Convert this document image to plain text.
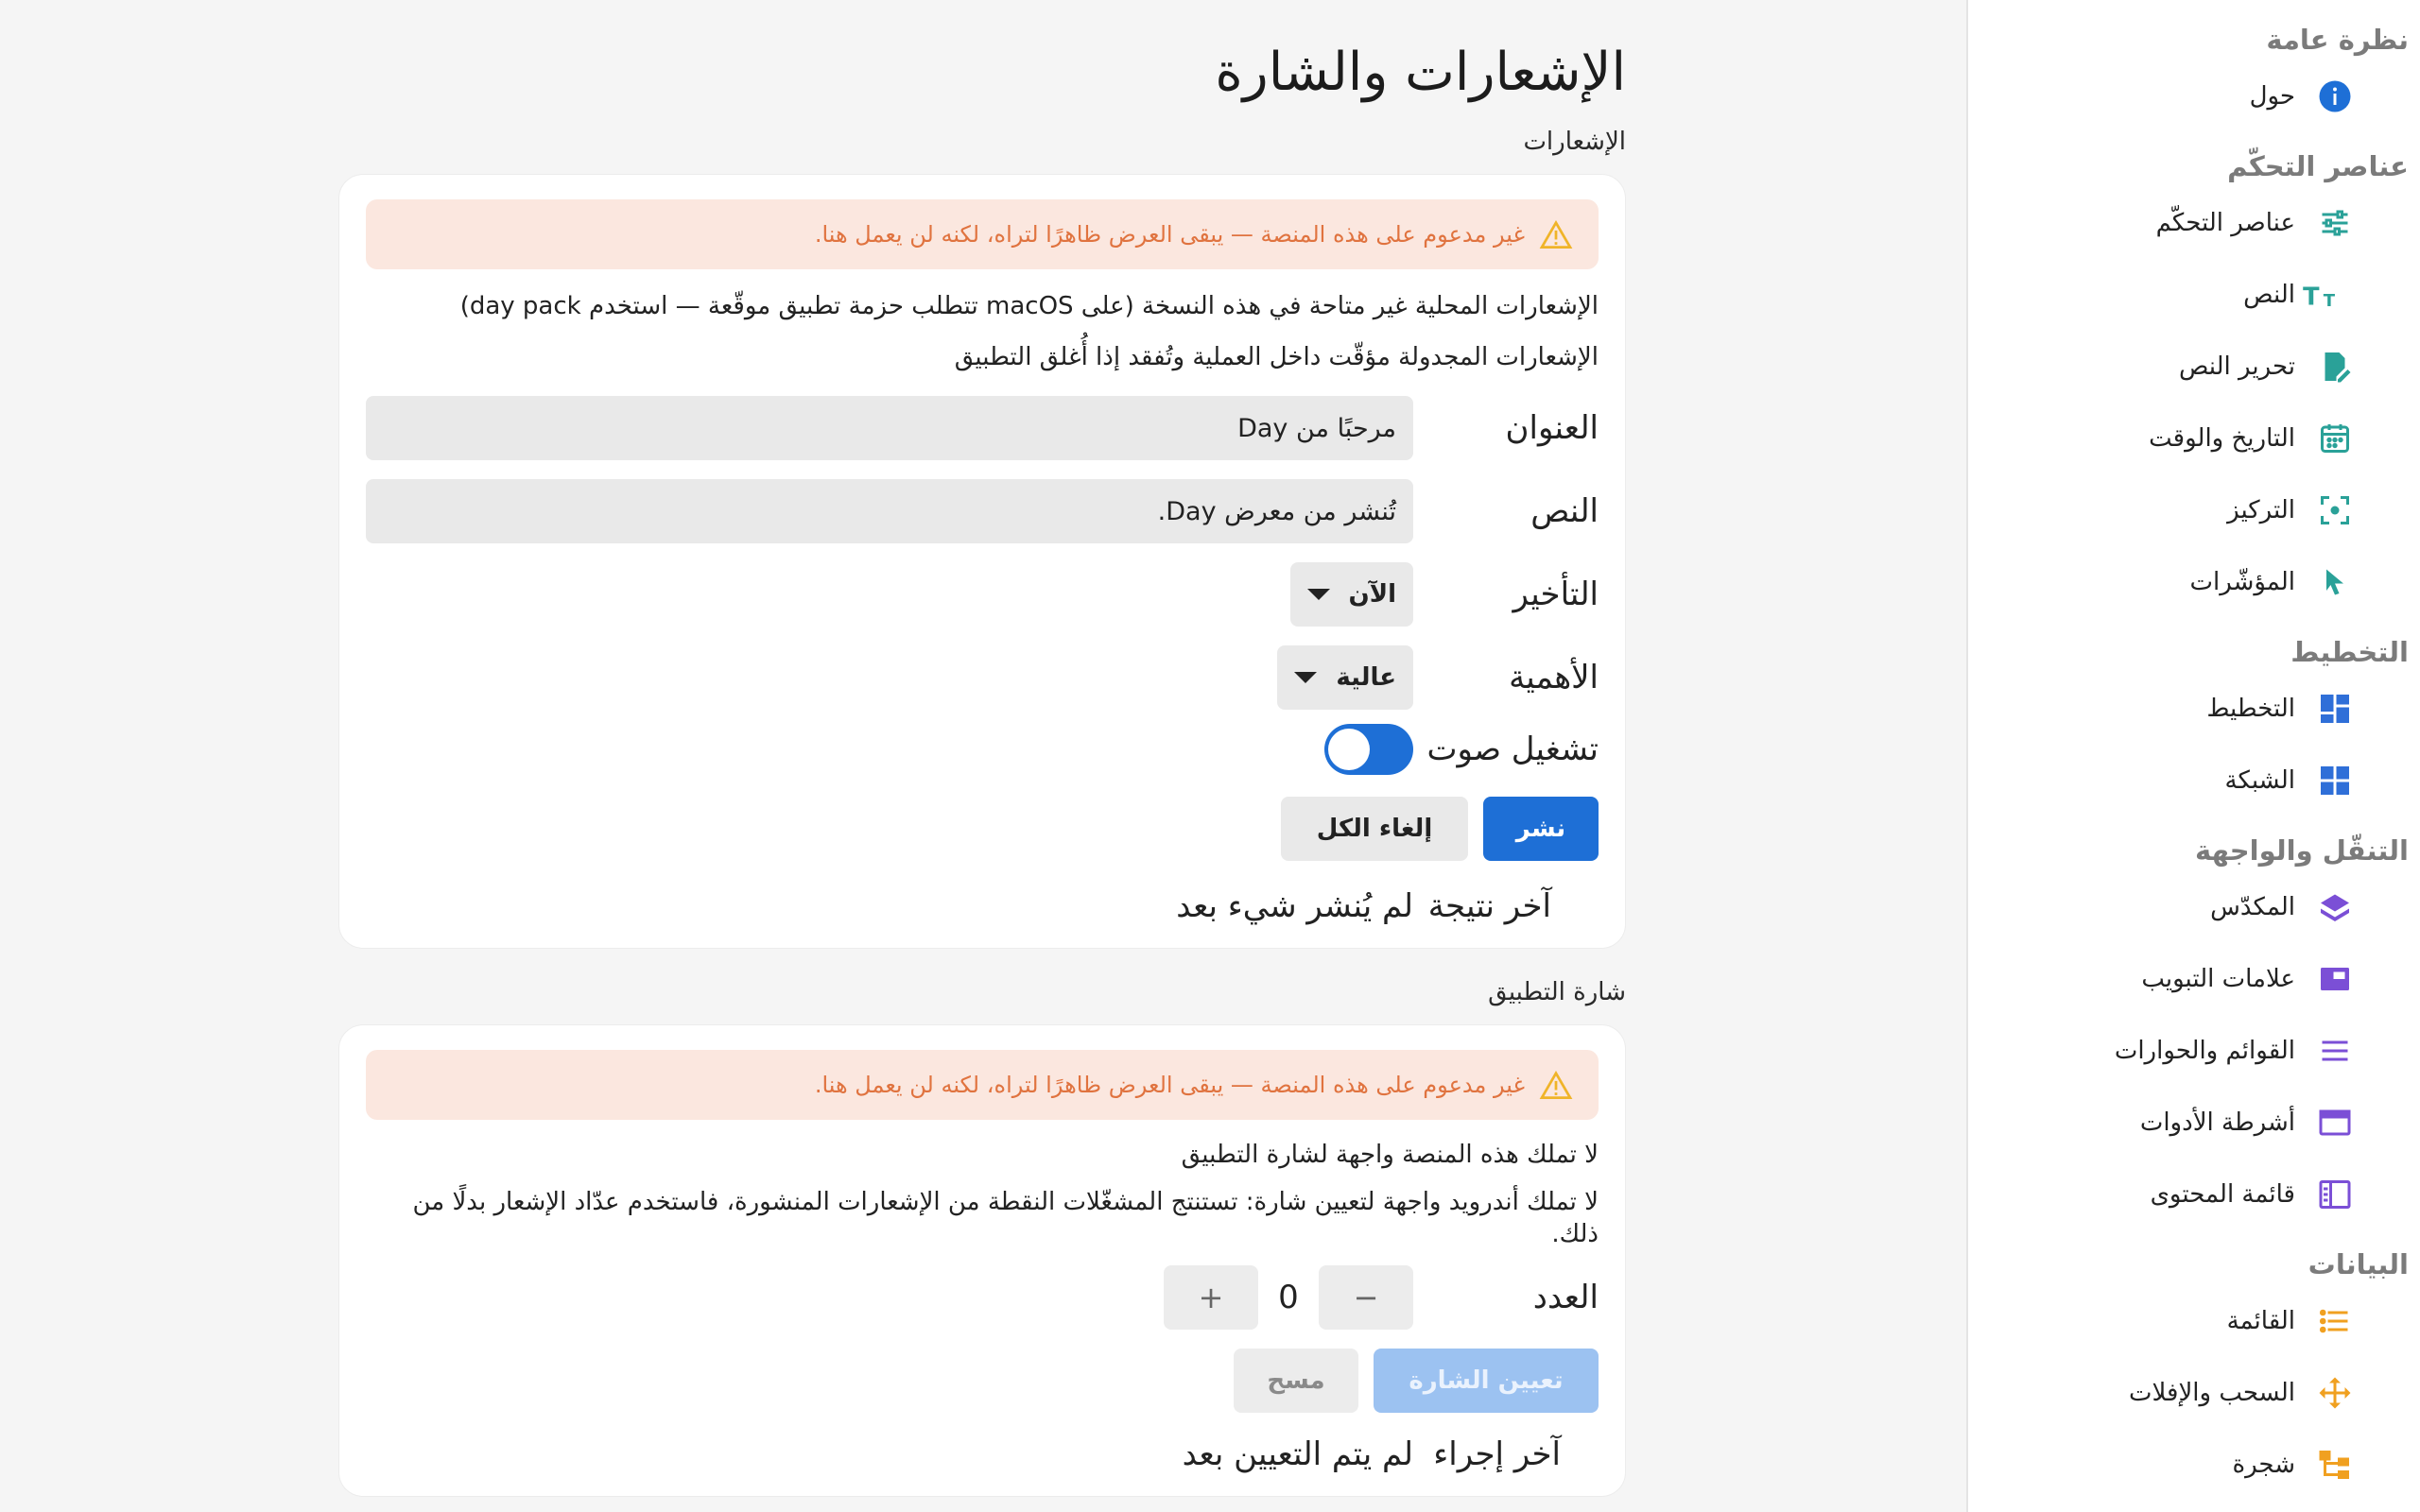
نظرة عامة
حول
عناصر التحكّم
عناصر التحكّم
T T
النص
تحرير النص
التاريخ والوقت
التركيز
المؤشّرات
التخطيط
التخطيط
الشبكة
التنقّل والواجهة
المكدّس
علامات التبويب
القوائم والحوارات
أشرطة الأدوات
قائمة المحتوى
البيانات
القائمة
السحب والإفلات
شجرة
الإشعارات والشارة
الإشعارات
غير مدعوم على هذه المنصة — يبقى العرض ظاهرًا لتراه، لكنه لن يعمل هنا.
الإشعارات المحلية غير متاحة في هذه النسخة (على macOS تتطلب حزمة تطبيق موقّعة — استخدم day pack)
الإشعارات المجدولة مؤقّت داخل العملية وتُفقد إذا أُغلق التطبيق
العنوان
مرحبًا من Day
النص
تُنشر من معرض Day.
التأخير
الآن
الأهمية
عالية
تشغيل صوت
نشر
إلغاء الكل
آخر نتيجة
لم يُنشر شيء بعد
شارة التطبيق
غير مدعوم على هذه المنصة — يبقى العرض ظاهرًا لتراه، لكنه لن يعمل هنا.
لا تملك هذه المنصة واجهة لشارة التطبيق
لا تملك أندرويد واجهة لتعيين شارة: تستنتج المشغّلات النقطة من الإشعارات المنشورة، فاستخدم عدّاد الإشعار بدلًا من ذلك.
العدد
−
0
+
تعيين الشارة
مسح
آخر إجراء
لم يتم التعيين بعد
